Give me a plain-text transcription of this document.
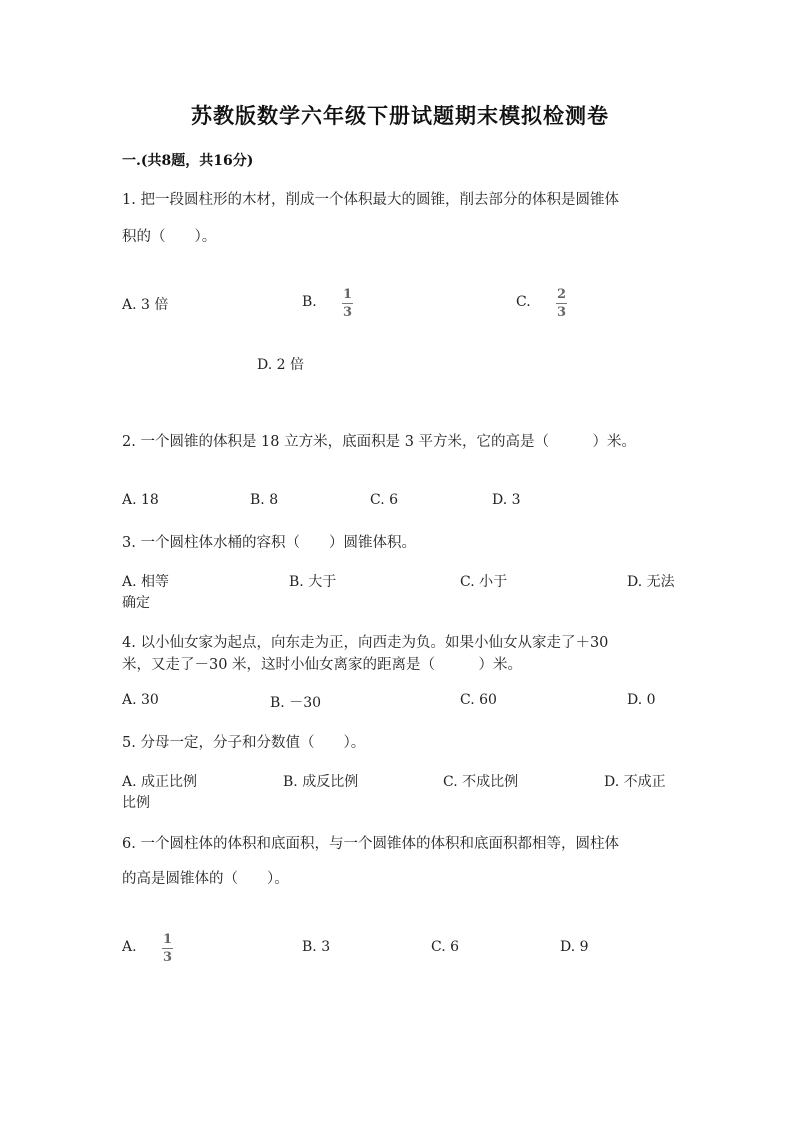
苏教版数学六年级下册试题期末模拟检测卷
一.(共8题，共16分)
1. 把一段圆柱形的木材，削成一个体积最大的圆锥，削去部分的体积是圆锥体
积的（　　）。
A. 3 倍	B. 1
3
C. 2
3
D. 2 倍
2. 一个圆锥的体积是 18 立方米，底面积是 3 平方米，它的高是（　　　）米。
A. 18	B. 8	C. 6	D. 3
3. 一个圆柱体水桶的容积（　　）圆锥体积。
A. 相等	B. 大于	C. 小于	D. 无法
确定
4. 以小仙女家为起点，向东走为正，向西走为负。如果小仙女从家走了＋30
米，又走了－30 米，这时小仙女离家的距离是（　　　）米。
A. 30	B. －30	C. 60	D. 0
5. 分母一定，分子和分数值（　　）。
A. 成正比例	B. 成反比例	C. 不成比例	D. 不成正
比例
6. 一个圆柱体的体积和底面积，与一个圆锥体的体积和底面积都相等，圆柱体
的高是圆锥体的（　　）。
A. 1
3
B. 3	C. 6	D. 9
